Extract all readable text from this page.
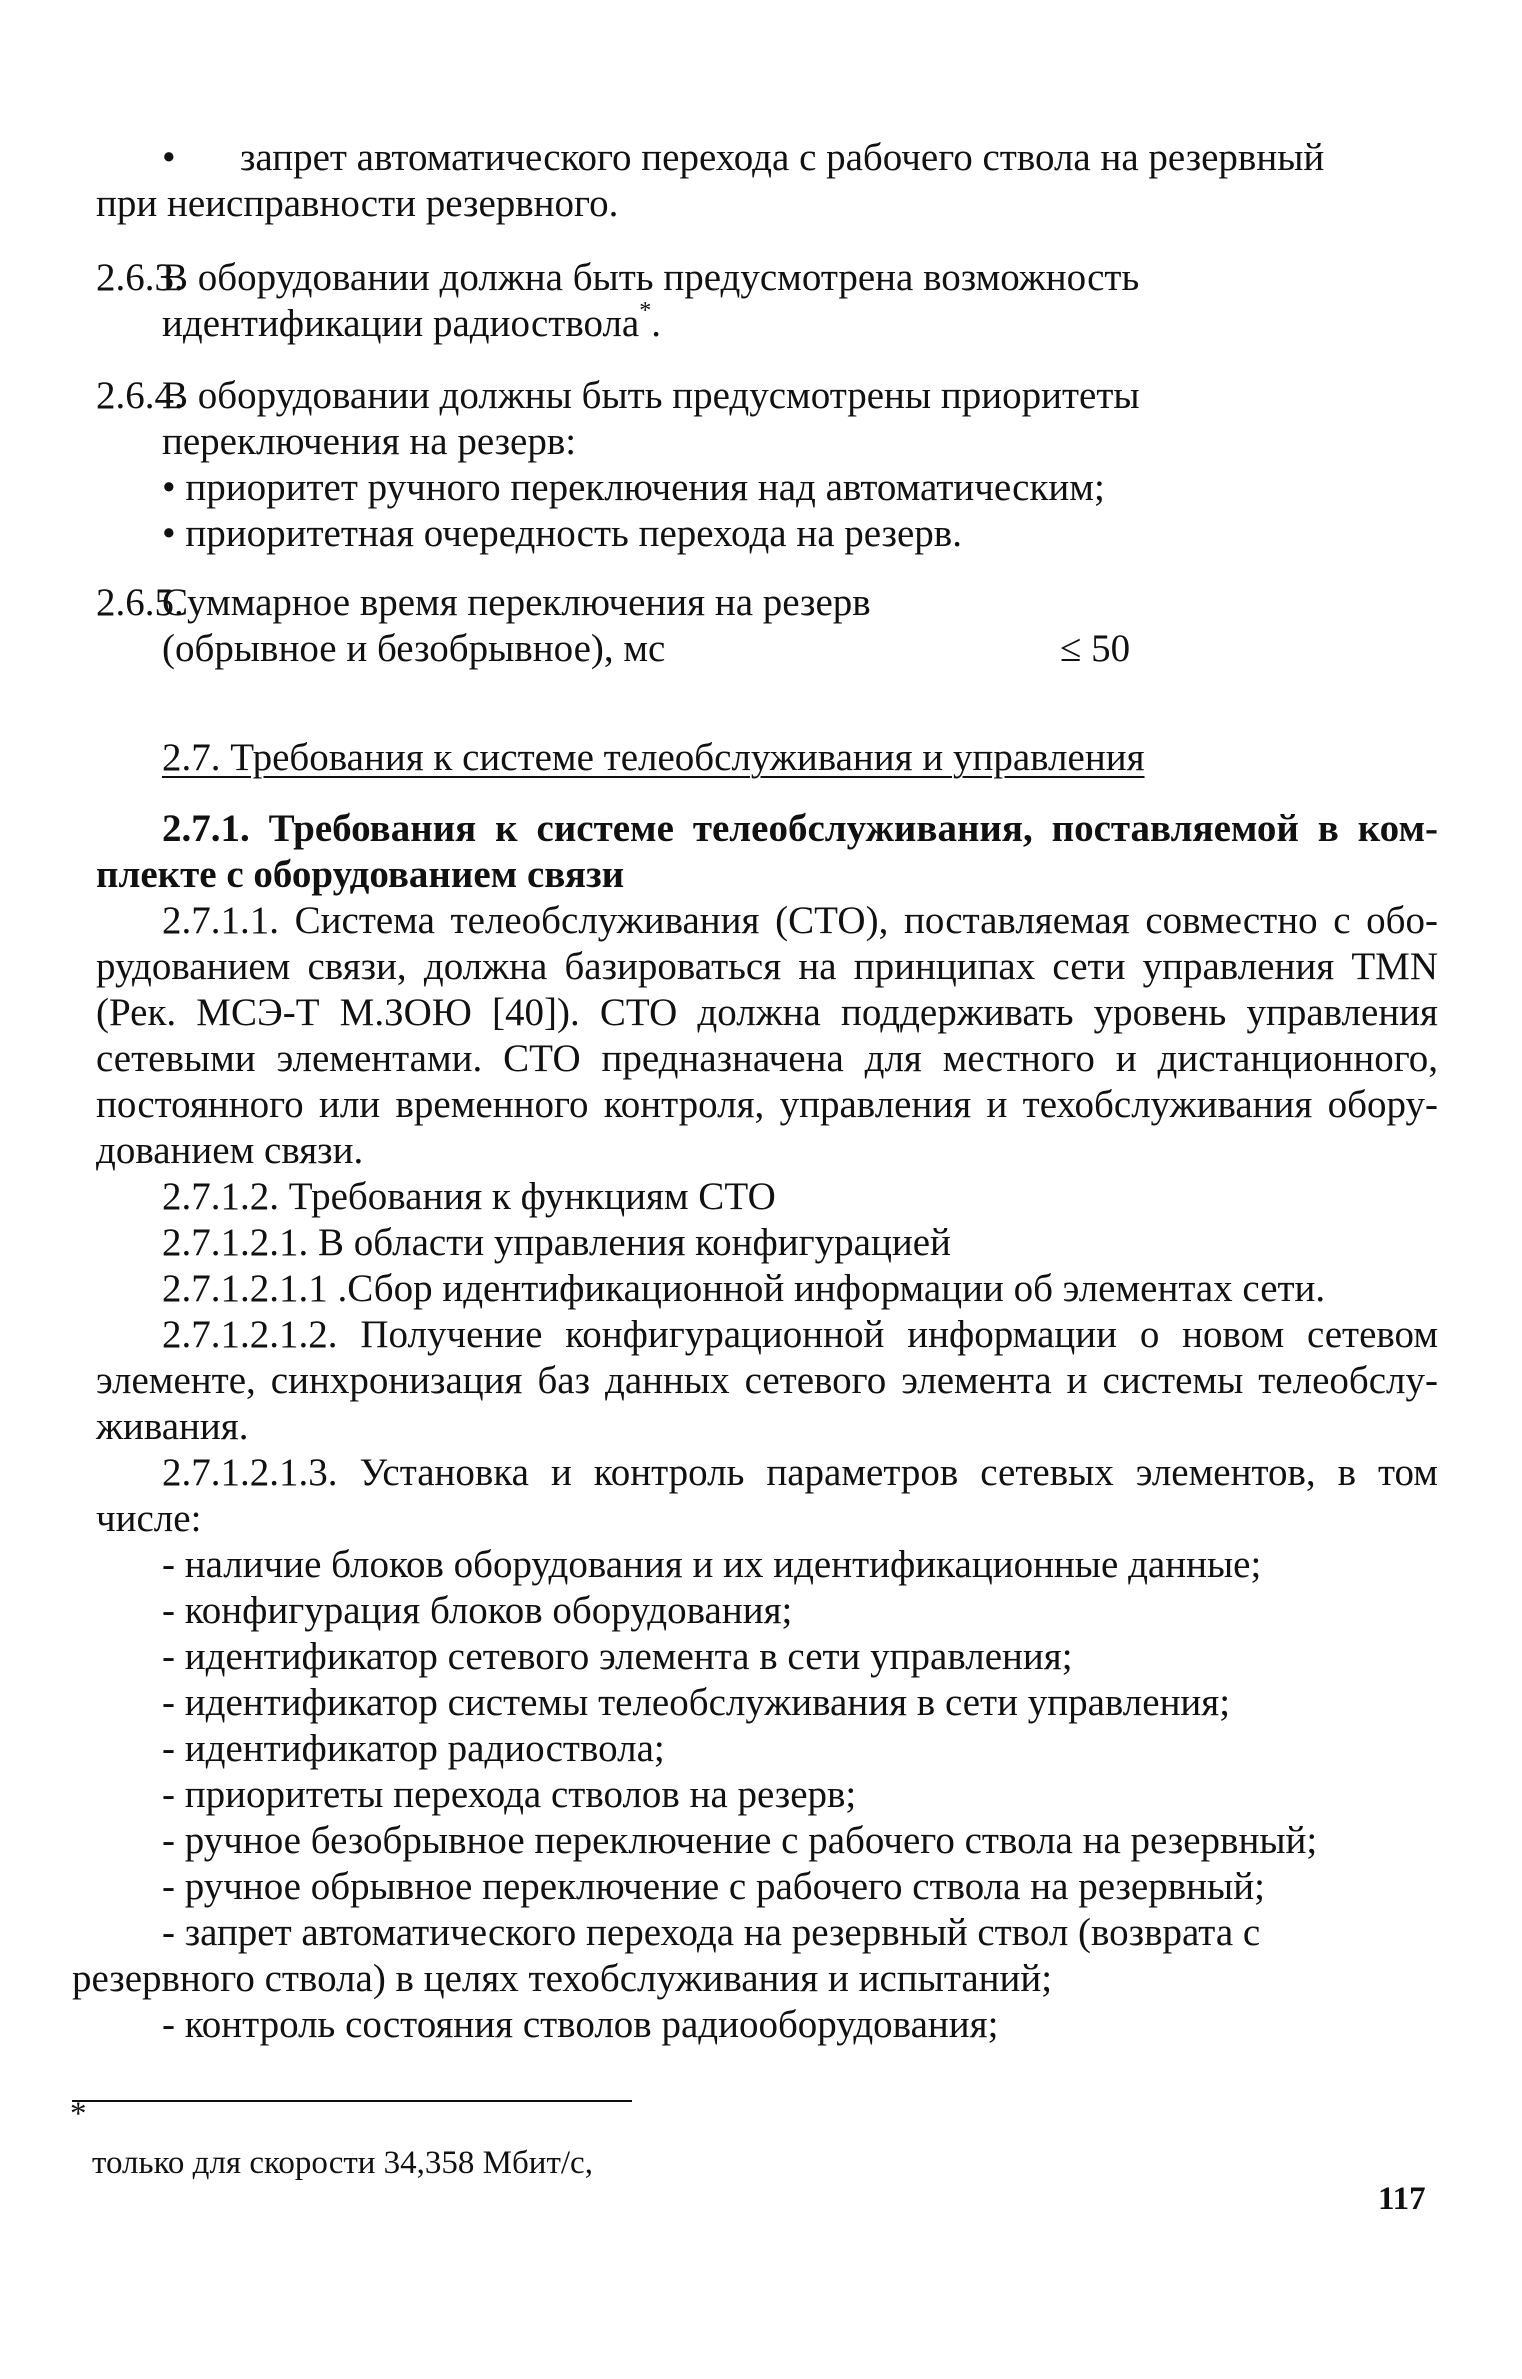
• запрет автоматического перехода с рабочего ствола на резервный
при неисправности резервного.
2.6.3.
В оборудовании должна быть предусмотрена возможность
идентификации радиоствола*.
2.6.4.
В оборудовании должны быть предусмотрены приоритеты
переключения на резерв:
• приоритет ручного переключения над автоматическим;
• приоритетная очередность перехода на резерв.
2.6.5.
Суммарное время переключения на резерв
(обрывное и безобрывное), мс	≤ 50
2.7. Требования к системе телеобслуживания и управления
2.7.1. Требования к системе телеобслуживания, поставляемой в ком-
плекте с оборудованием связи
2.7.1.1. Система телеобслуживания (СТО), поставляемая совместно с обо-
рудованием связи, должна базироваться на принципах сети управления TMN
(Рек. МСЭ-Т М.ЗОЮ [40]). СТО должна поддерживать уровень управления
сетевыми элементами. СТО предназначена для местного и дистанционного,
постоянного или временного контроля, управления и техобслуживания обору-
дованием связи.
2.7.1.2. Требования к функциям СТО
2.7.1.2.1. В области управления конфигурацией
2.7.1.2.1.1 .Сбор идентификационной информации об элементах сети.
2.7.1.2.1.2. Получение конфигурационной информации о новом сетевом
элементе, синхронизация баз данных сетевого элемента и системы телеобслу-
живания.
2.7.1.2.1.3. Установка и контроль параметров сетевых элементов, в том
числе:
- наличие блоков оборудования и их идентификационные данные;
- конфигурация блоков оборудования;
- идентификатор сетевого элемента в сети управления;
- идентификатор системы телеобслуживания в сети управления;
- идентификатор радиоствола;
- приоритеты перехода стволов на резерв;
- ручное безобрывное переключение с рабочего ствола на резервный;
- ручное обрывное переключение с рабочего ствола на резервный;
- запрет автоматического перехода на резервный ствол (возврата с
резервного ствола) в целях техобслуживания и испытаний;
- контроль состояния стволов радиооборудования;
*
только для скорости 34,358 Мбит/с,
117
